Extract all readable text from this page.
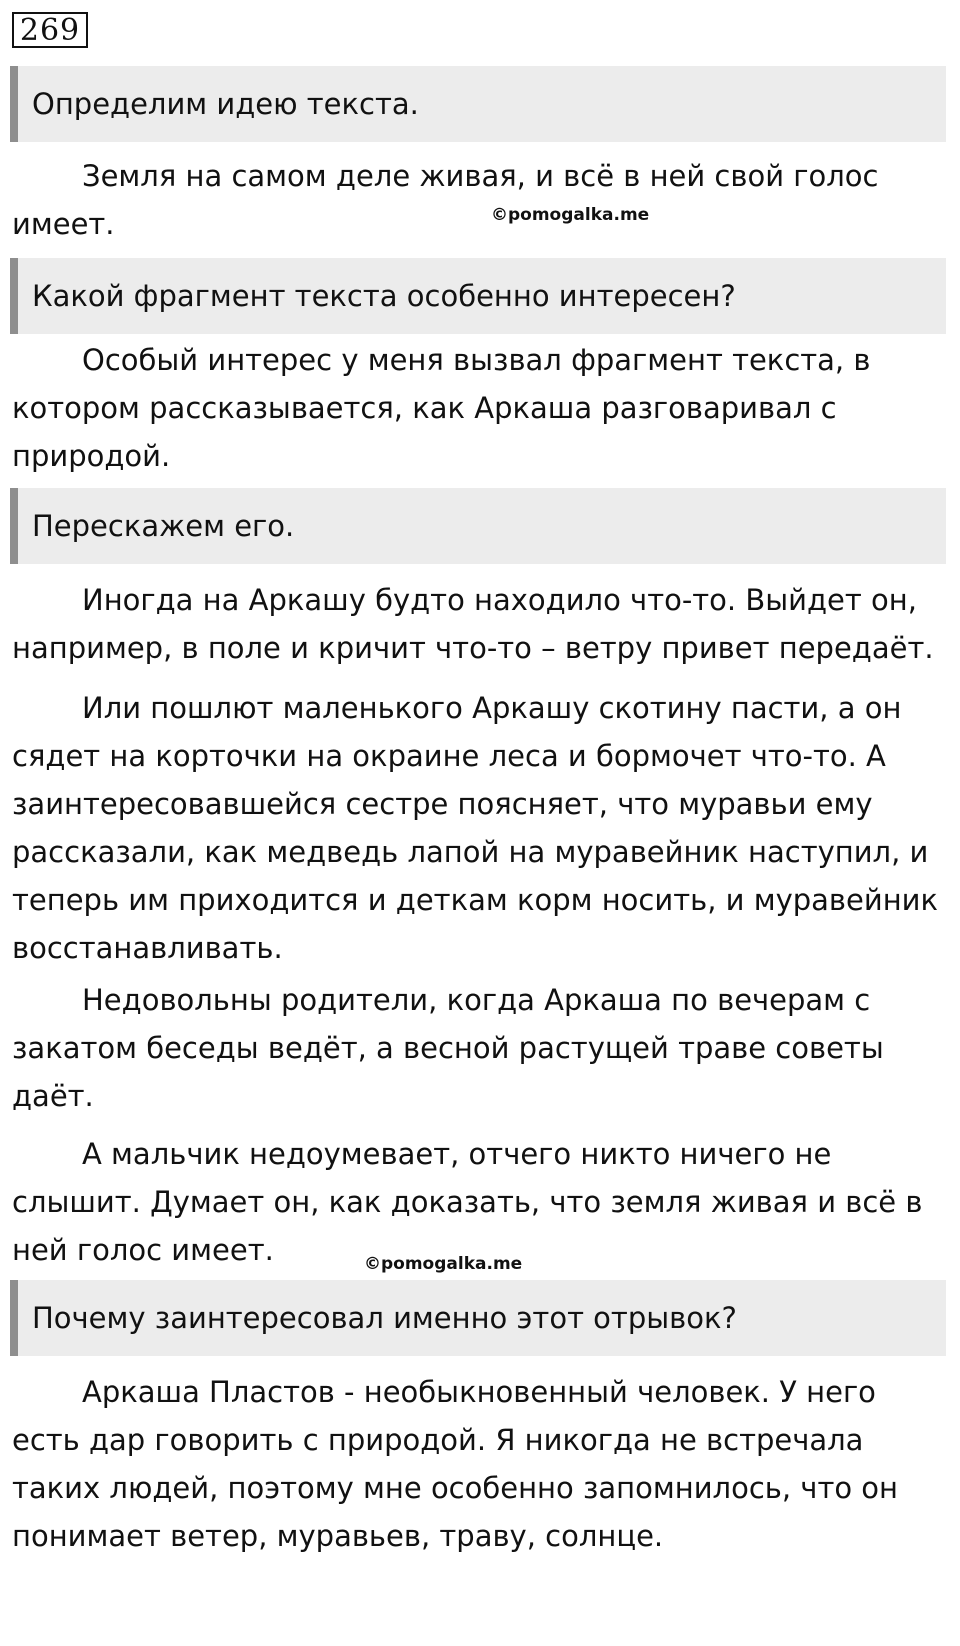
269
Определим идею текста.

Земля на самом деле живая, и всё в ней свой голос имеет.	©pomogalka.me
Какой фрагмент текста особенно интересен?

Особый интерес у меня вызвал фрагмент текста, в котором рассказывается, как Аркаша разговаривал с природой.

Перескажем его.

Иногда на Аркашу будто находило что-то. Выйдет он, например, в поле и кричит что-то – ветру привет передаёт.

Или пошлют маленького Аркашу скотину пасти, а он сядет на корточки на окраине леса и бормочет что-то. А заинтересовавшейся сестре поясняет, что муравьи ему рассказали, как медведь лапой на муравейник наступил, и теперь им приходится и деткам корм носить, и муравейник восстанавливать.

Недовольны родители, когда Аркаша по вечерам с закатом беседы ведёт, а весной растущей траве советы даёт.

А мальчик недоумевает, отчего никто ничего не слышит. Думает он, как доказать, что земля живая и всё в ней голос имеет.	©pomogalka.me
Почему заинтересовал именно этот отрывок?

Аркаша Пластов - необыкновенный человек. У него есть дар говорить с природой. Я никогда не встречала таких людей, поэтому мне особенно запомнилось, что он понимает ветер, муравьев, траву, солнце.
